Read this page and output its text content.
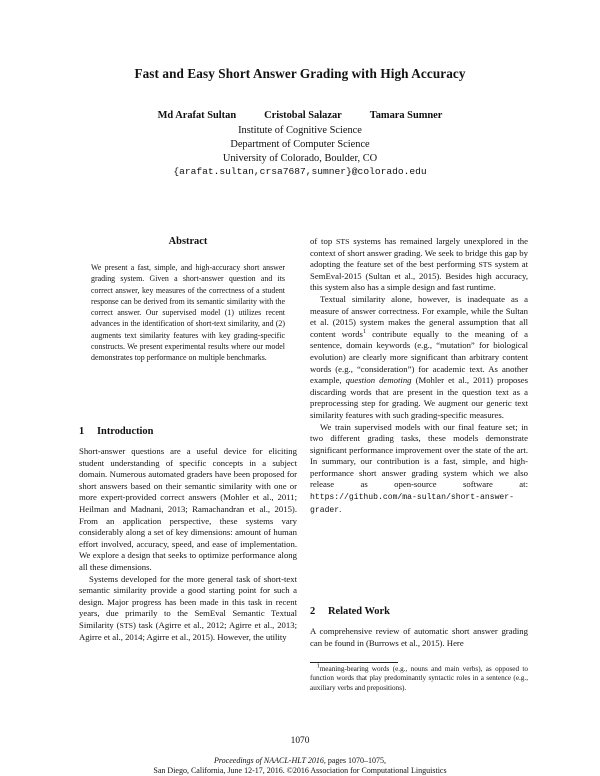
Fast and Easy Short Answer Grading with High Accuracy
Md Arafat Sultan	Cristobal Salazar	Tamara Sumner
Institute of Cognitive Science
Department of Computer Science
University of Colorado, Boulder, CO
{arafat.sultan,crsa7687,sumner}@colorado.edu
Abstract
We present a fast, simple, and high-accuracy short answer grading system. Given a short-answer question and its correct answer, key measures of the correctness of a student response can be derived from its semantic similarity with the correct answer. Our supervised model (1) utilizes recent advances in the identification of short-text similarity, and (2) augments text similarity features with key grading-specific constructs. We present experimental results where our model demonstrates top performance on multiple benchmarks.
1 Introduction

Short-answer questions are a useful device for eliciting student understanding of specific concepts in a subject domain. Numerous automated graders have been proposed for short answers based on their semantic similarity with one or more expert-provided correct answers (Mohler et al., 2011; Heilman and Madnani, 2013; Ramachandran et al., 2015). From an application perspective, these systems vary considerably along a set of key dimensions: amount of human effort involved, accuracy, speed, and ease of implementation. We explore a design that seeks to optimize performance along all these dimensions.

Systems developed for the more general task of short-text semantic similarity provide a good starting point for such a design. Major progress has been made in this task in recent years, due primarily to the SemEval Semantic Textual Similarity (STS) task (Agirre et al., 2012; Agirre et al., 2013; Agirre et al., 2014; Agirre et al., 2015). However, the utility

of top STS systems has remained largely unexplored in the context of short answer grading. We seek to bridge this gap by adopting the feature set of the best performing STS system at SemEval-2015 (Sultan et al., 2015). Besides high accuracy, this system also has a simple design and fast runtime.

Textual similarity alone, however, is inadequate as a measure of answer correctness. For example, while the Sultan et al. (2015) system makes the general assumption that all content words$^1$ contribute equally to the meaning of a sentence, domain keywords (e.g., “mutation” for biological evolution) are clearly more significant than arbitrary content words (e.g., “consideration”) for academic text. As another example, question demoting (Mohler et al., 2011) proposes discarding words that are present in the question text as a preprocessing step for grading. We augment our generic text similarity features with such grading-specific measures.

We train supervised models with our final feature set; in two different grading tasks, these models demonstrate significant performance improvement over the state of the art. In summary, our contribution is a fast, simple, and high-performance short answer grading system which we also release as open-source software at: https://github.com/ma-sultan/short-answer-grader.

2 Related Work

A comprehensive review of automatic short answer grading can be found in (Burrows et al., 2015). Here

$^1$meaning-bearing words (e.g., nouns and main verbs), as opposed to function words that play predominantly syntactic roles in a sentence (e.g., auxiliary verbs and prepositions).
1070
Proceedings of NAACL-HLT 2016, pages 1070–1075,
San Diego, California, June 12-17, 2016. ©2016 Association for Computational Linguistics
